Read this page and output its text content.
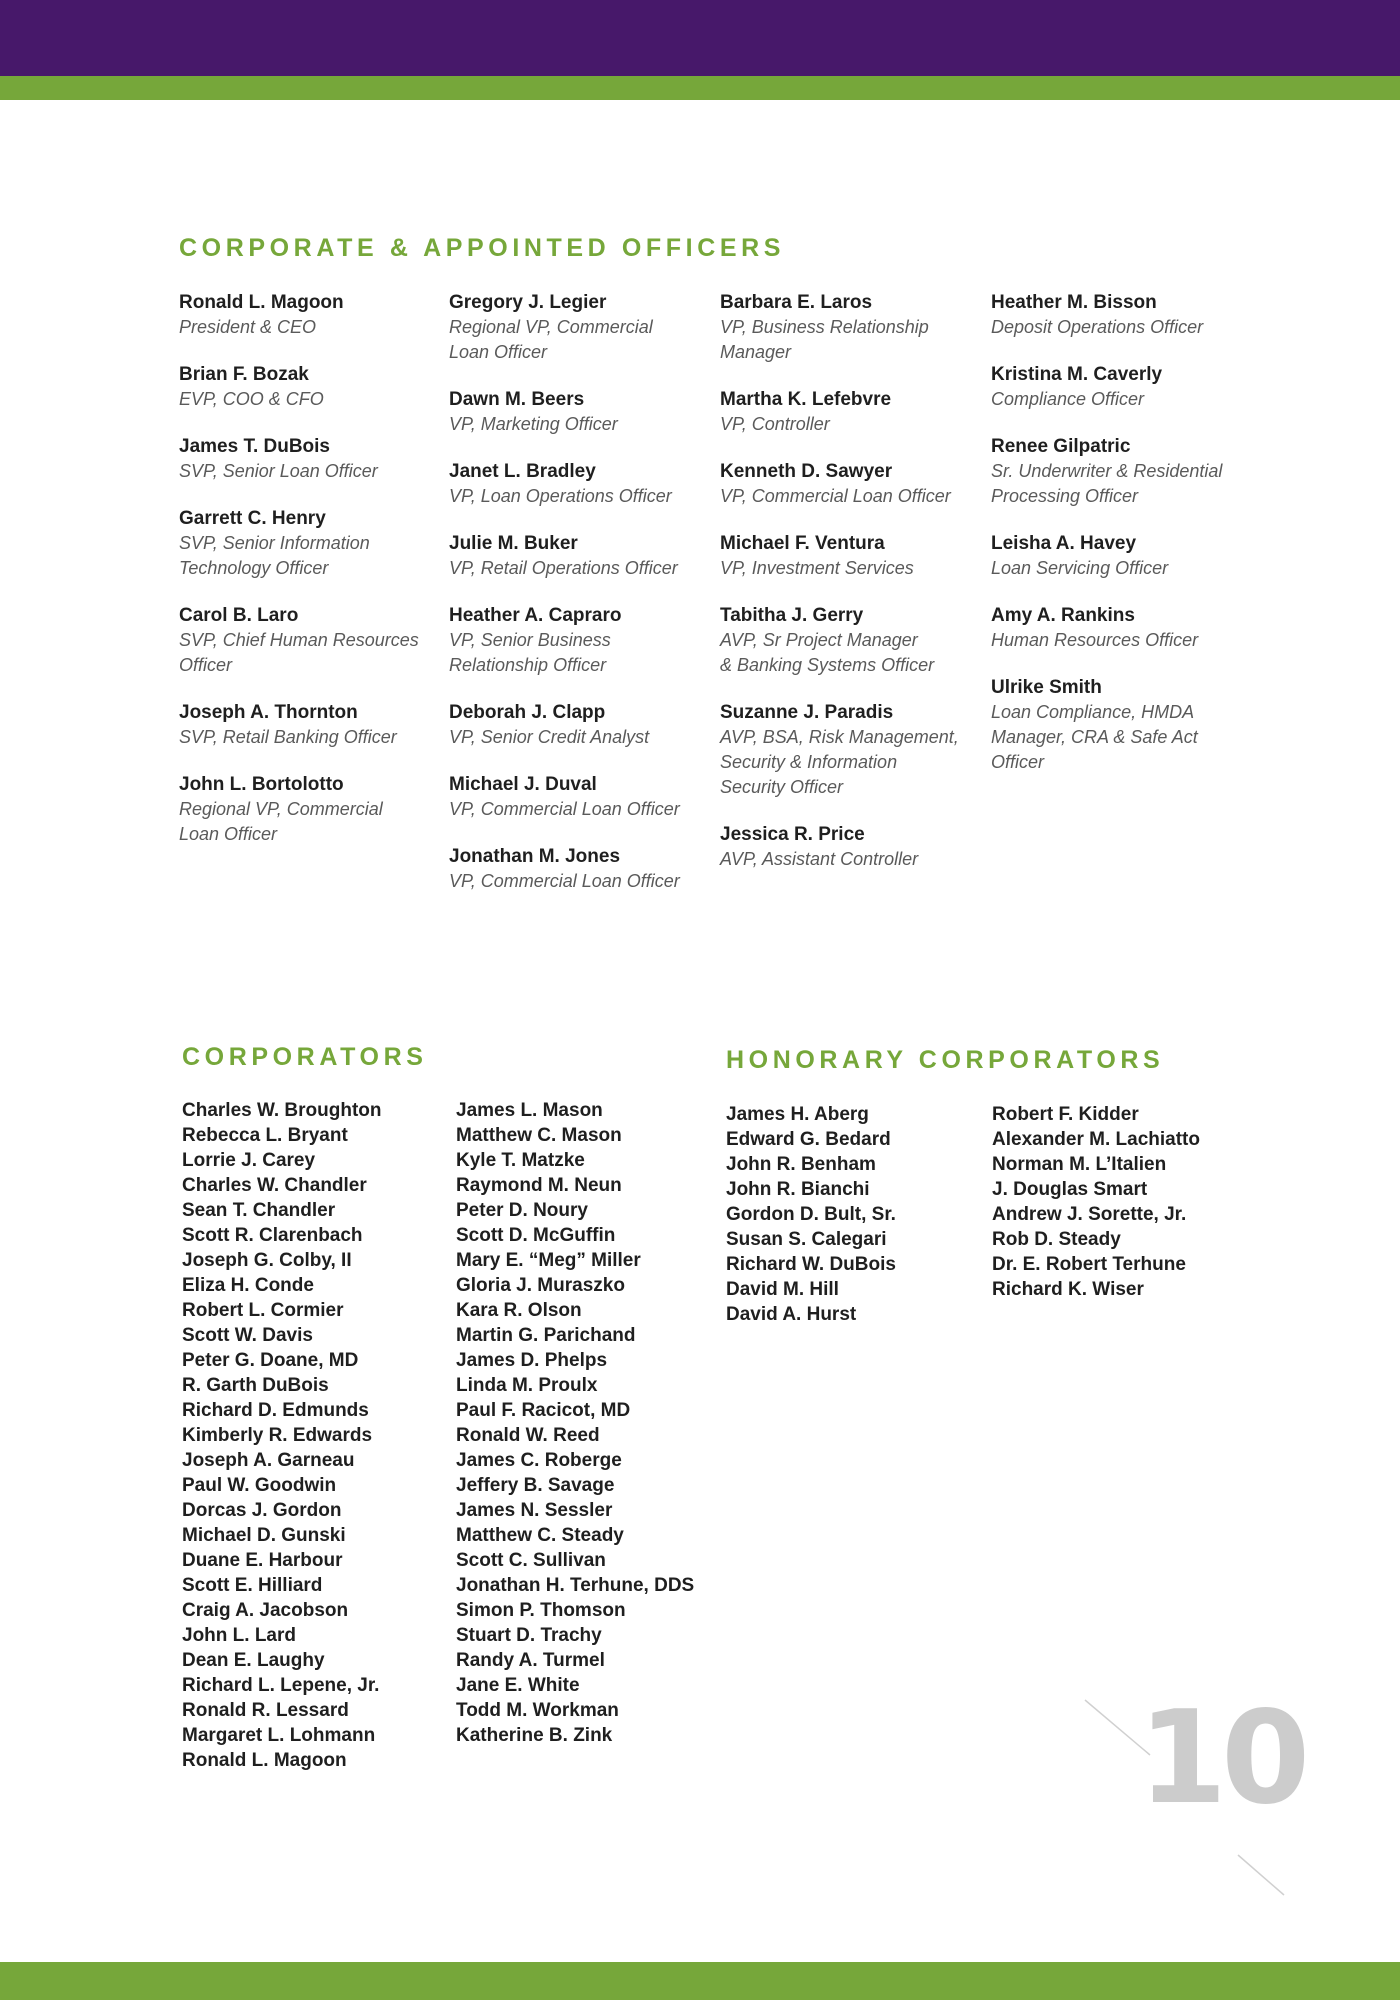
CORPORATE & APPOINTED OFFICERS
Ronald L. Magoon
President & CEO
Brian F. Bozak
EVP, COO & CFO
James T. DuBois
SVP, Senior Loan Officer
Garrett C. Henry
SVP, Senior Information
Technology Officer
Carol B. Laro
SVP, Chief Human Resources
Officer
Joseph A. Thornton
SVP, Retail Banking Officer
John L. Bortolotto
Regional VP, Commercial
Loan Officer
Gregory J. Legier
Regional VP, Commercial
Loan Officer
Dawn M. Beers
VP, Marketing Officer
Janet L. Bradley
VP, Loan Operations Officer
Julie M. Buker
VP, Retail Operations Officer
Heather A. Capraro
VP, Senior Business
Relationship Officer
Deborah J. Clapp
VP, Senior Credit Analyst
Michael J. Duval
VP, Commercial Loan Officer
Jonathan M. Jones
VP, Commercial Loan Officer
Barbara E. Laros
VP, Business Relationship
Manager
Martha K. Lefebvre
VP, Controller
Kenneth D. Sawyer
VP, Commercial Loan Officer
Michael F. Ventura
VP, Investment Services
Tabitha J. Gerry
AVP, Sr Project Manager
& Banking Systems Officer
Suzanne J. Paradis
AVP, BSA, Risk Management,
Security & Information
Security Officer
Jessica R. Price
AVP, Assistant Controller
Heather M. Bisson
Deposit Operations Officer
Kristina M. Caverly
Compliance Officer
Renee Gilpatric
Sr. Underwriter & Residential
Processing Officer
Leisha A. Havey
Loan Servicing Officer
Amy A. Rankins
Human Resources Officer
Ulrike Smith
Loan Compliance, HMDA
Manager, CRA & Safe Act
Officer
CORPORATORS
Charles W. Broughton
Rebecca L. Bryant
Lorrie J. Carey
Charles W. Chandler
Sean T. Chandler
Scott R. Clarenbach
Joseph G. Colby, II
Eliza H. Conde
Robert L. Cormier
Scott W. Davis
Peter G. Doane, MD
R. Garth DuBois
Richard D. Edmunds
Kimberly R. Edwards
Joseph A. Garneau
Paul W. Goodwin
Dorcas J. Gordon
Michael D. Gunski
Duane E. Harbour
Scott E. Hilliard
Craig A. Jacobson
John L. Lard
Dean E. Laughy
Richard L. Lepene, Jr.
Ronald R. Lessard
Margaret L. Lohmann
Ronald L. Magoon
James L. Mason
Matthew C. Mason
Kyle T. Matzke
Raymond M. Neun
Peter D. Noury
Scott D. McGuffin
Mary E. “Meg” Miller
Gloria J. Muraszko
Kara R. Olson
Martin G. Parichand
James D. Phelps
Linda M. Proulx
Paul F. Racicot, MD
Ronald W. Reed
James C. Roberge
Jeffery B. Savage
James N. Sessler
Matthew C. Steady
Scott C. Sullivan
Jonathan H. Terhune, DDS
Simon P. Thomson
Stuart D. Trachy
Randy A. Turmel
Jane E. White
Todd M. Workman
Katherine B. Zink
HONORARY CORPORATORS
James H. Aberg
Edward G. Bedard
John R. Benham
John R. Bianchi
Gordon D. Bult, Sr.
Susan S. Calegari
Richard W. DuBois
David M. Hill
David A. Hurst
Robert F. Kidder
Alexander M. Lachiatto
Norman M. L’Italien
J. Douglas Smart
Andrew J. Sorette, Jr.
Rob D. Steady
Dr. E. Robert Terhune
Richard K. Wiser
10
